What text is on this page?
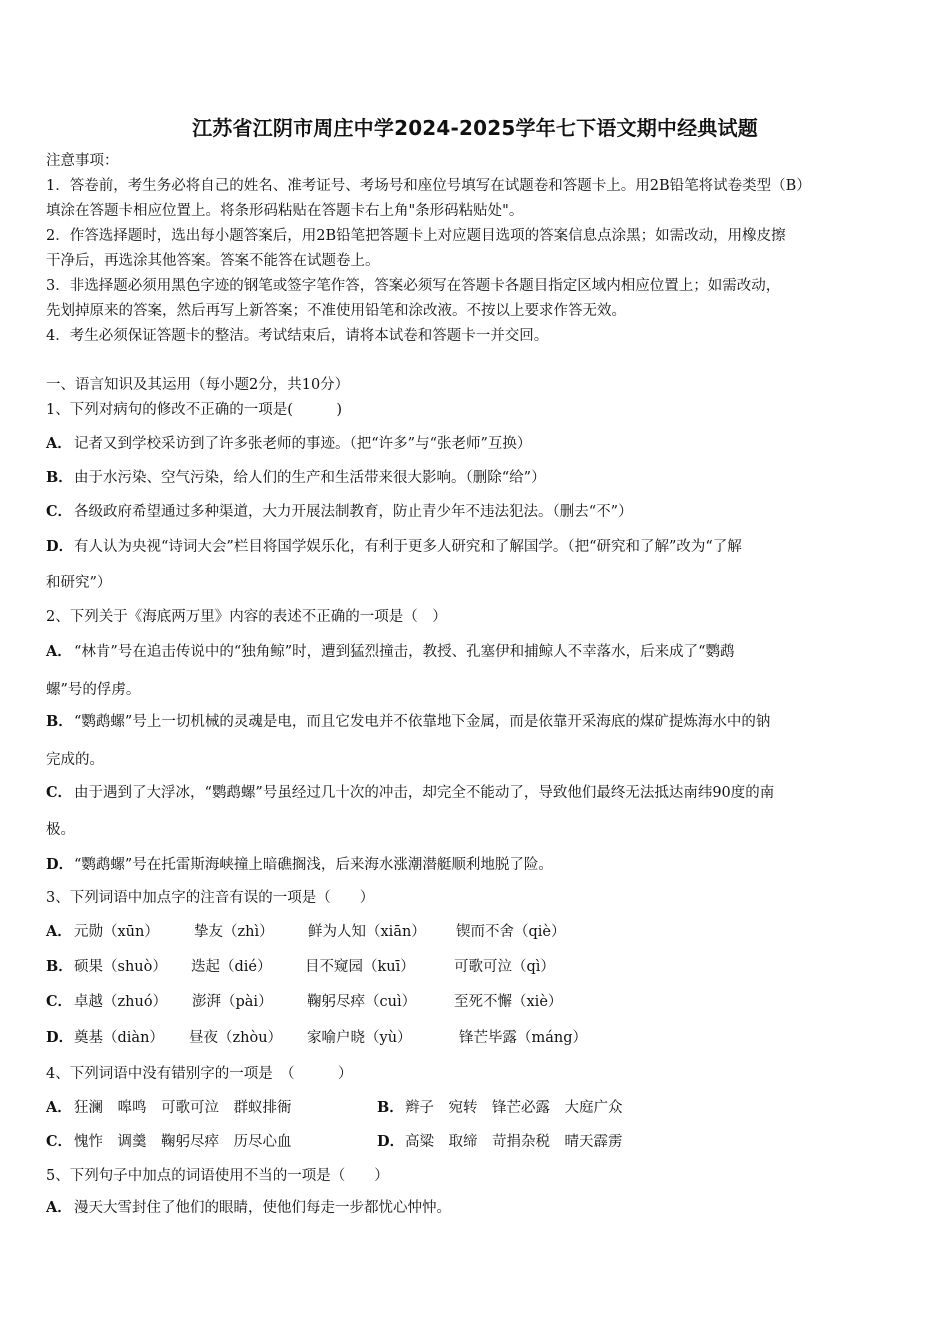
江苏省江阴市周庄中学2024-2025学年七下语文期中经典试题
注意事项：
1．答卷前，考生务必将自己的姓名、准考证号、考场号和座位号填写在试题卷和答题卡上。用2B铅笔将试卷类型（B）
填涂在答题卡相应位置上。将条形码粘贴在答题卡右上角"条形码粘贴处"。
2．作答选择题时，选出每小题答案后，用2B铅笔把答题卡上对应题目选项的答案信息点涂黑；如需改动，用橡皮擦
干净后，再选涂其他答案。答案不能答在试题卷上。
3．非选择题必须用黑色字迹的钢笔或签字笔作答，答案必须写在答题卡各题目指定区域内相应位置上；如需改动，
先划掉原来的答案，然后再写上新答案；不准使用铅笔和涂改液。不按以上要求作答无效。
4．考生必须保证答题卡的整洁。考试结束后，请将本试卷和答题卡一并交回。
一、语言知识及其运用（每小题2分，共10分）
1、下列对病句的修改不正确的一项是(　　　)
A． 记者又到学校采访到了许多张老师的事迹。（把“许多”与“张老师”互换）
B．由于水污染、空气污染，给人们的生产和生活带来很大影响。（删除“给”）
C． 各级政府希望通过多种渠道，大力开展法制教育，防止青少年不违法犯法。（删去“不”）
D．有人认为央视“诗词大会”栏目将国学娱乐化，有利于更多人研究和了解国学。（把“研究和了解”改为“了解
和研究”）
2、下列关于《海底两万里》内容的表述不正确的一项是（　）
A． “林肯”号在追击传说中的“独角鲸”时，遭到猛烈撞击，教授、孔塞伊和捕鲸人不幸落水，后来成了“鹦鹉
螺”号的俘虏。
B．“鹦鹉螺”号上一切机械的灵魂是电，而且它发电并不依靠地下金属，而是依靠开采海底的煤矿提炼海水中的钠
完成的。
C． 由于遇到了大浮冰，“鹦鹉螺”号虽经过几十次的冲击，却完全不能动了，导致他们最终无法抵达南纬90度的南
极。
D．“鹦鹉螺”号在托雷斯海峡撞上暗礁搁浅，后来海水涨潮潜艇顺利地脱了险。
3、下列词语中加点字的注音有误的一项是（　　）
A． 元勋（xūn） 挚友（zhì） 鲜为人知（xiān） 锲而不舍（qiè）
B． 硕果（shuò） 迭起（dié） 目不窥园（kuī）	可歌可泣（qì）
C． 卓越（zhuó） 澎湃（pài） 鞠躬尽瘁（cuì）	至死不懈（xiè）
D． 奠基（diàn） 昼夜（zhòu） 家喻户晓（yù）	锋芒毕露（máng）
4、下列词语中没有错别字的一项是　（　　　）
A． 狂澜　嗥鸣　可歌可泣　群蚁排衙	B． 辫子　宛转　锋芒必露　大庭广众
C． 愧怍　调羹　鞠躬尽瘁　历尽心血	D． 高粱　取缔　苛捐杂税　晴天霹雳
5、下列句子中加点的词语使用不当的一项是（　　）
A． 漫天大雪封住了他们的眼睛，使他们每走一步都忧心忡忡。
